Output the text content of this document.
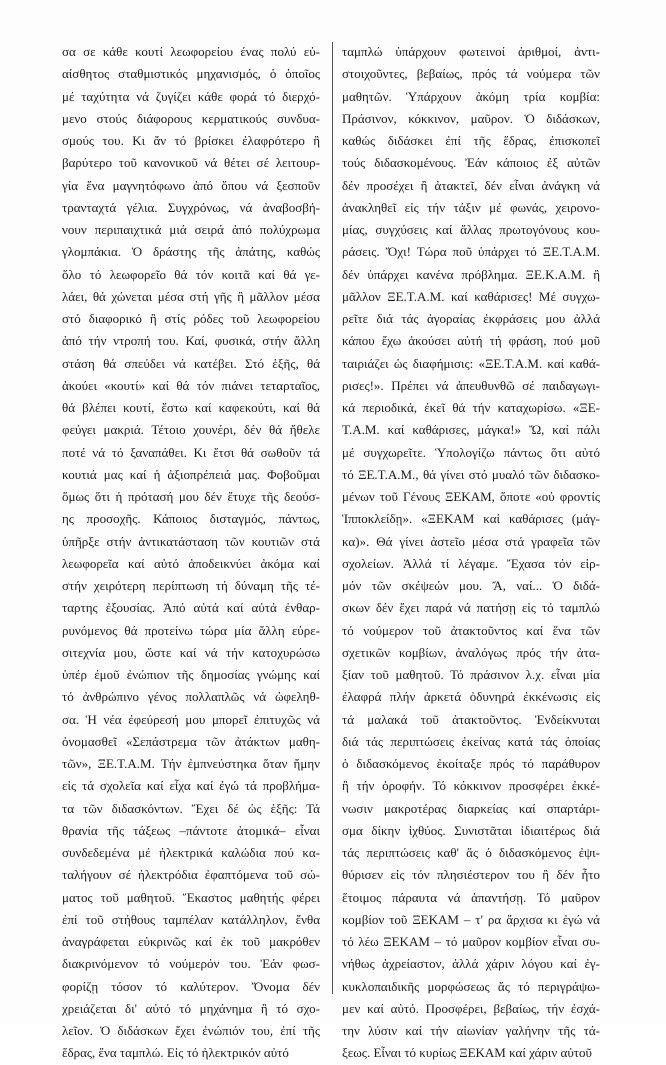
σα σε κάθε κουτί λεωφορείου ένας πολύ εὐ-
αίσθητος σταθμιστικός μηχανισμός, ὁ ὁποῖος
μέ ταχύτητα νά ζυγίζει κάθε φορά τό διερχό-
μενο στούς διάφορους κερματικούς συνδυα-
σμούς του. Κι ἄν τό βρίσκει ἐλαφρότερο ἢ
βαρύτερο τοῦ κανονικοῦ νά θέτει σέ λειτουρ-
γία ἕνα μαγνητόφωνο ἀπό ὅπου νά ξεσποῦν
τρανταχτά γέλια. Συγχρόνως, νά ἀναβοσβή-
νουν περιπαιχτικά μιά σειρά ἀπό πολύχρωμα
γλομπάκια. Ὁ δράστης τῆς ἀπάτης, καθώς
ὅλο τό λεωφορεῖο θά τόν κοιτᾶ καί θά γε-
λάει, θά χώνεται μέσα στή γῆς ἢ μᾶλλον μέσα
στό διαφορικό ἢ στίς ρόδες τοῦ λεωφορείου
ἀπό τήν ντροπή του. Καί, φυσικά, στήν ἄλλη
στάση θά σπεύδει νά κατέβει. Στό ἑξῆς, θά
ἀκούει «κουτί» καί θά τόν πιάνει τεταρταῖος,
θά βλέπει κουτί, ἔστω καί καφεκούτι, καί θά
φεύγει μακριά. Τέτοιο χουνέρι, δέν θά ἤθελε
ποτέ νά τό ξαναπάθει. Κι ἔτσι θά σωθοῦν τά
κουτιά μας καί ἡ ἀξιοπρέπειά μας. Φοβοῦμαι
ὅμως ὅτι ἡ πρότασή μου δέν ἔτυχε τῆς δεούσ-
ης προσοχῆς. Κάποιος δισταγμός, πάντως,
ὑπῆρξε στήν ἀντικατάσταση τῶν κουτιῶν στά
λεωφορεῖα καί αὐτό ἀποδεικνύει ἀκόμα καί
στήν χειρότερη περίπτωση τή δύναμη τῆς τέ-
ταρτης ἐξουσίας. Ἀπό αὐτά καί αὐτά ἐνθαρ-
ρυνόμενος θά προτείνω τώρα μία ἄλλη εὑρε-
σιτεχνία μου, ὥστε καί νά τήν κατοχυρώσω
ὑπέρ ἐμοῦ ἐνώπιον τῆς δημοσίας γνώμης καί
τό ἀνθρώπινο γένος πολλαπλῶς νά ὠφεληθ-
σα. Ἡ νέα ἐφεύρεσή μου μπορεῖ ἐπιτυχῶς νά
ὀνομασθεῖ «Σεπάστρεμα τῶν ἀτάκτων μαθη-
τῶν», ΞΕ.Τ.Α.Μ. Τήν ἐμπνεύστηκα ὅταν ἤμην
εἰς τά σχολεῖα καί εἶχα καί ἐγώ τά προβλήμα-
τα τῶν διδασκόντων. Ἔχει δέ ὡς ἑξῆς: Τά
θρανία τῆς τάξεως –πάντοτε ἀτομικά– εἶναι
συνδεδεμένα μέ ἠλεκτρικά καλώδια πού κα-
ταλήγουν σέ ἠλεκτρόδια ἐφαπτόμενα τοῦ σώ-
ματος τοῦ μαθητοῦ. Ἕκαστος μαθητής φέρει
ἐπί τοῦ στήθους ταμπέλαν κατάλληλον, ἔνθα
ἀναγράφεται εὐκρινῶς καί ἐκ τοῦ μακρόθεν
διακρινόμενον τό νούμερόν του. Ἐάν φωσ-
φορίζῃ τόσον τό καλύτερον. Ὄνομα δέν
χρειάζεται δι' αὐτό τό μηχάνημα ἢ τό σχο-
λεῖον. Ὁ διδάσκων ἔχει ἐνώπιόν του, ἐπί τῆς
ἕδρας, ἕνα ταμπλώ. Εἰς τό ἠλεκτρικόν αὐτό
ταμπλώ ὑπάρχουν φωτεινοί ἀριθμοί, ἀντι-
στοιχοῦντες, βεβαίως, πρός τά νούμερα τῶν
μαθητῶν. Ὑπάρχουν ἀκόμη τρία κομβία:
Πράσινον, κόκκινον, μαῦρον. Ὁ διδάσκων,
καθώς διδάσκει ἐπί τῆς ἕδρας, ἐπισκοπεῖ
τούς διδασκομένους. Ἐάν κάποιος ἐξ αὐτῶν
δέν προσέχει ἢ ἀτακτεῖ, δέν εἶναι ἀνάγκη νά
ἀνακληθεῖ εἰς τήν τάξιν μέ φωνάς, χειρονο-
μίας, συγχύσεις καί ἄλλας πρωτογόνους κου-
ράσεις. Ὄχι! Τώρα ποῦ ὑπάρχει τό ΞΕ.Τ.Α.Μ.
δέν ὑπάρχει κανένα πρόβλημα. ΞΕ.Κ.Α.Μ. ἢ
μᾶλλον ΞΕ.Τ.Α.Μ. καί καθάρισες! Μέ συγχω-
ρεῖτε διά τάς ἀγοραίας ἐκφράσεις μου ἀλλά
κάπου ἔχω ἀκούσει αὐτή τή φράση, πού μοῦ
ταιριάζει ὡς διαφήμισις: «ΞΕ.Τ.Α.Μ. καί καθά-
ρισες!». Πρέπει νά ἀπευθυνθῶ σέ παιδαγωγι-
κά περιοδικά, ἐκεῖ θά τήν καταχωρίσω. «ΞΕ-
Τ.Α.Μ. καί καθάρισες, μάγκα!» Ὤ, καί πάλι
μέ συγχωρεῖτε. Ὑπολογίζω πάντως ὅτι αὐτό
τό ΞΕ.Τ.Α.Μ., θά γίνει στό μυαλό τῶν διδασκο-
μένων τοῦ Γένους ΞΕΚΑΜ, ὅποτε «οὐ φροντίς
Ἱπποκλείδῃ». «ΞΕΚΑΜ καί καθάρισες (μάγ-
κα)». Θά γίνει ἀστεῖο μέσα στά γραφεῖα τῶν
σχολείων. Ἀλλά τί λέγαμε. Ἔχασα τόν εἱρ-
μόν τῶν σκέψεών μου. Ἄ, ναί... Ὁ διδά-
σκων δέν ἔχει παρά νά πατήσῃ εἰς τό ταμπλώ
τό νούμερον τοῦ ἀτακτοῦντος καί ἕνα τῶν
σχετικῶν κομβίων, ἀναλόγως πρός τήν ἀτα-
ξίαν τοῦ μαθητοῦ. Τό πράσινον λ.χ. εἶναι μία
ἐλαφρά πλήν ἀρκετά ὀδυνηρά ἐκκένωσις εἰς
τά μαλακά τοῦ ἀτακτοῦντος. Ἐνδείκνυται
διά τάς περιπτώσεις ἐκείνας κατά τάς ὁποίας
ὁ διδασκόμενος ἐκοίταξε πρός τό παράθυρον
ἢ τήν ὀροφήν. Τό κόκκινον προσφέρει ἐκκέ-
νωσιν μακροτέρας διαρκείας καί σπαρτάρι-
σμα δίκην ἰχθύος. Συνιστᾶται ἰδιαιτέρως διά
τάς περιπτώσεις καθ' ἅς ὁ διδασκόμενος ἐψι-
θύρισεν εἰς τόν πλησιέστερον του ἢ δέν ἦτο
ἕτοιμος πάραυτα νά ἀπαντήσῃ. Τό μαῦρον
κομβίον τοῦ ΞΕΚΑΜ – τ' ρα ἄρχισα κι ἐγώ νά
τό λέω ΞΕΚΑΜ – τό μαῦρον κομβίον εἶναι συ-
νήθως ἀχρείαστον, ἀλλά χάριν λόγου καί ἐγ-
κυκλοπαιδικῆς μορφώσεως ἄς τό περιγράψω-
μεν καί αὐτό. Προσφέρει, βεβαίως, τήν ἐσχά-
την λύσιν καί τήν αἰωνίαν γαλήνην τῆς τά-
ξεως. Εἶναι τό κυρίως ΞΕΚΑΜ καί χάριν αὐτοῦ
